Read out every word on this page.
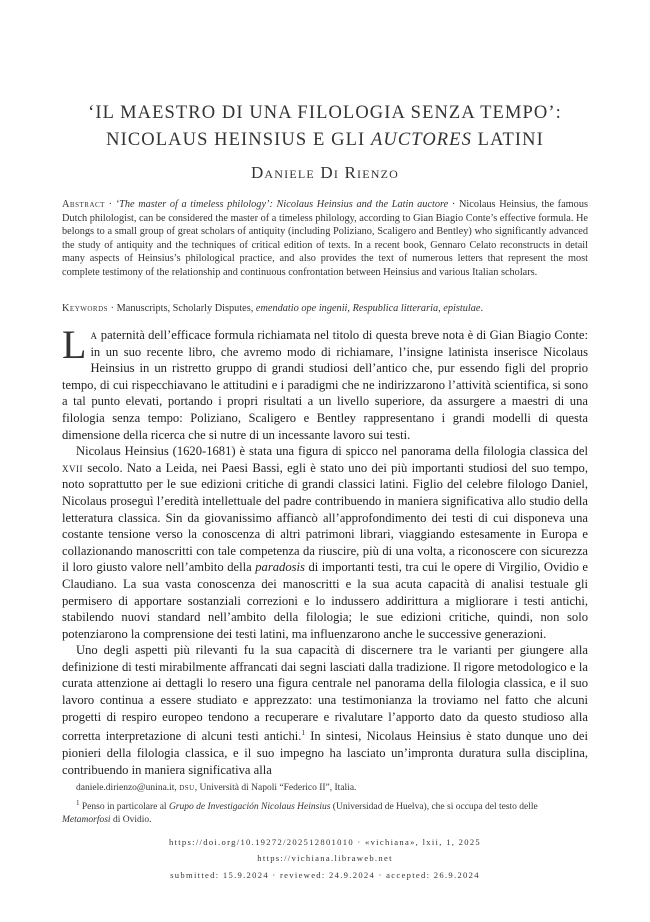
‘IL MAESTRO DI UNA FILOLOGIA SENZA TEMPO’:
NICOLAUS HEINSIUS E GLI AUCTORES LATINI
Daniele Di Rienzo
Abstract · ‘The master of a timeless philology’: Nicolaus Heinsius and the Latin auctore · Nicolaus Heinsius, the famous Dutch philologist, can be considered the master of a timeless philology, according to Gian Biagio Conte’s effective formula. He belongs to a small group of great scholars of antiquity (including Poliziano, Scaligero and Bentley) who significantly advanced the study of antiquity and the techniques of critical edition of texts. In a recent book, Gennaro Celato reconstructs in detail many aspects of Heinsius’s philological practice, and also provides the text of numerous letters that represent the most complete testimony of the relationship and continuous confrontation between Heinsius and various Italian scholars.
Keywords · Manuscripts, Scholarly Disputes, emendatio ope ingenii, Respublica litteraria, epistulae.

La paternità dell’efficace formula richiamata nel titolo di questa breve nota è di Gian Biagio Conte: in un suo recente libro, che avremo modo di richiamare, l’insigne latinista inserisce Nicolaus Heinsius in un ristretto gruppo di grandi studiosi dell’antico che, pur essendo figli del proprio tempo, di cui rispecchiavano le attitudini e i paradigmi che ne indirizzarono l’attività scientifica, si sono a tal punto elevati, portando i propri risultati a un livello superiore, da assurgere a maestri di una filologia senza tempo: Poliziano, Scaligero e Bentley rappresentano i grandi modelli di questa dimensione della ricerca che si nutre di un incessante lavoro sui testi.

Nicolaus Heinsius (1620-1681) è stata una figura di spicco nel panorama della filologia classica del xvii secolo. Nato a Leida, nei Paesi Bassi, egli è stato uno dei più importanti studiosi del suo tempo, noto soprattutto per le sue edizioni critiche di grandi classici latini. Figlio del celebre filologo Daniel, Nicolaus proseguì l’eredità intellettuale del padre contribuendo in maniera significativa allo studio della letteratura classica. Sin da giovanissimo affiancò all’approfondimento dei testi di cui disponeva una costante tensione verso la conoscenza di altri patrimoni librari, viaggiando estesamente in Europa e collazionando manoscritti con tale competenza da riuscire, più di una volta, a riconoscere con sicurezza il loro giusto valore nell’ambito della paradosis di importanti testi, tra cui le opere di Virgilio, Ovidio e Claudiano. La sua vasta conoscenza dei manoscritti e la sua acuta capacità di analisi testuale gli permisero di apportare sostanziali correzioni e lo indussero addirittura a migliorare i testi antichi, stabilendo nuovi standard nell’ambito della filologia; le sue edizioni critiche, quindi, non solo potenziarono la comprensione dei testi latini, ma influenzarono anche le successive generazioni.

Uno degli aspetti più rilevanti fu la sua capacità di discernere tra le varianti per giungere alla definizione di testi mirabilmente affrancati dai segni lasciati dalla tradizione. Il rigore metodologico e la curata attenzione ai dettagli lo resero una figura centrale nel panorama della filologia classica, e il suo lavoro continua a essere studiato e apprezzato: una testimonianza la troviamo nel fatto che alcuni progetti di respiro europeo tendono a recuperare e rivalutare l’apporto dato da questo studioso alla corretta interpretazione di alcuni testi antichi.$^1$ In sintesi, Nicolaus Heinsius è stato dunque uno dei pionieri della filologia classica, e il suo impegno ha lasciato un’impronta duratura sulla disciplina, contribuendo in maniera significativa alla

daniele.dirienzo@unina.it, dsu, Università di Napoli “Federico II”, Italia.

$^1$ Penso in particolare al Grupo de Investigación Nicolaus Heinsius (Universidad de Huelva), che si occupa del testo delle Metamorfosi di Ovidio.

https://doi.org/10.19272/202512801010 · «vichiana», lxii, 1, 2025
https://vichiana.libraweb.net
submitted: 15.9.2024 · reviewed: 24.9.2024 · accepted: 26.9.2024
